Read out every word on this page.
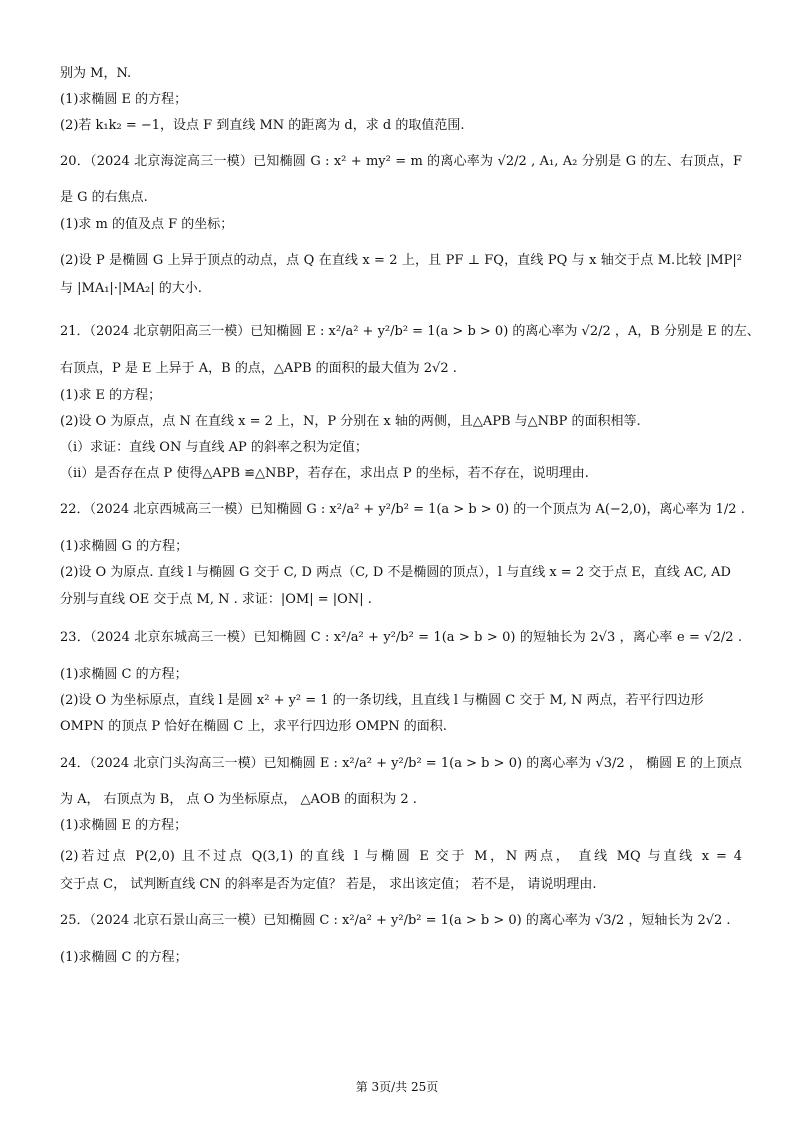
别为 M，N.
(1)求椭圆 E 的方程；
(2)若 k₁k₂ = −1，设点 F 到直线 MN 的距离为 d，求 d 的取值范围.
20．（2024 北京海淀高三一模）已知椭圆 G : x² + my² = m 的离心率为 √2/2 , A₁, A₂ 分别是 G 的左、右顶点，F
是 G 的右焦点.
(1)求 m 的值及点 F 的坐标；
(2)设 P 是椭圆 G 上异于顶点的动点，点 Q 在直线 x = 2 上，且 PF ⊥ FQ，直线 PQ 与 x 轴交于点 M.比较 |MP|²
与 |MA₁|·|MA₂| 的大小.
21．（2024 北京朝阳高三一模）已知椭圆 E : x²/a² + y²/b² = 1(a > b > 0) 的离心率为 √2/2 ，A，B 分别是 E 的左、
右顶点，P 是 E 上异于 A，B 的点，△APB 的面积的最大值为 2√2 .
(1)求 E 的方程；
(2)设 O 为原点，点 N 在直线 x = 2 上，N，P 分别在 x 轴的两侧，且△APB 与△NBP 的面积相等.
（i）求证：直线 ON 与直线 AP 的斜率之积为定值；
（ii）是否存在点 P 使得△APB ≌△NBP，若存在，求出点 P 的坐标，若不存在，说明理由.
22．（2024 北京西城高三一模）已知椭圆 G : x²/a² + y²/b² = 1(a > b > 0) 的一个顶点为 A(−2,0)，离心率为 1/2 .
(1)求椭圆 G 的方程；
(2)设 O 为原点. 直线 l 与椭圆 G 交于 C, D 两点（C, D 不是椭圆的顶点），l 与直线 x = 2 交于点 E，直线 AC, AD
分别与直线 OE 交于点 M, N . 求证：|OM| = |ON| .
23．（2024 北京东城高三一模）已知椭圆 C : x²/a² + y²/b² = 1(a > b > 0) 的短轴长为 2√3 ，离心率 e = √2/2 .
(1)求椭圆 C 的方程；
(2)设 O 为坐标原点，直线 l 是圆 x² + y² = 1 的一条切线，且直线 l 与椭圆 C 交于 M, N 两点，若平行四边形
OMPN 的顶点 P 恰好在椭圆 C 上，求平行四边形 OMPN 的面积.
24．（2024 北京门头沟高三一模）已知椭圆 E : x²/a² + y²/b² = 1(a > b > 0) 的离心率为 √3/2 ， 椭圆 E 的上顶点
为 A， 右顶点为 B， 点 O 为坐标原点， △AOB 的面积为 2 .
(1)求椭圆 E 的方程；
(2)若过点 P(2,0) 且不过点 Q(3,1) 的直线 l 与椭圆 E 交于 M，N 两点， 直线 MQ 与直线 x = 4
交于点 C， 试判断直线 CN 的斜率是否为定值？ 若是， 求出该定值； 若不是， 请说明理由.
25．（2024 北京石景山高三一模）已知椭圆 C : x²/a² + y²/b² = 1(a > b > 0) 的离心率为 √3/2 ，短轴长为 2√2 .
(1)求椭圆 C 的方程；
第 3页/共 25页
